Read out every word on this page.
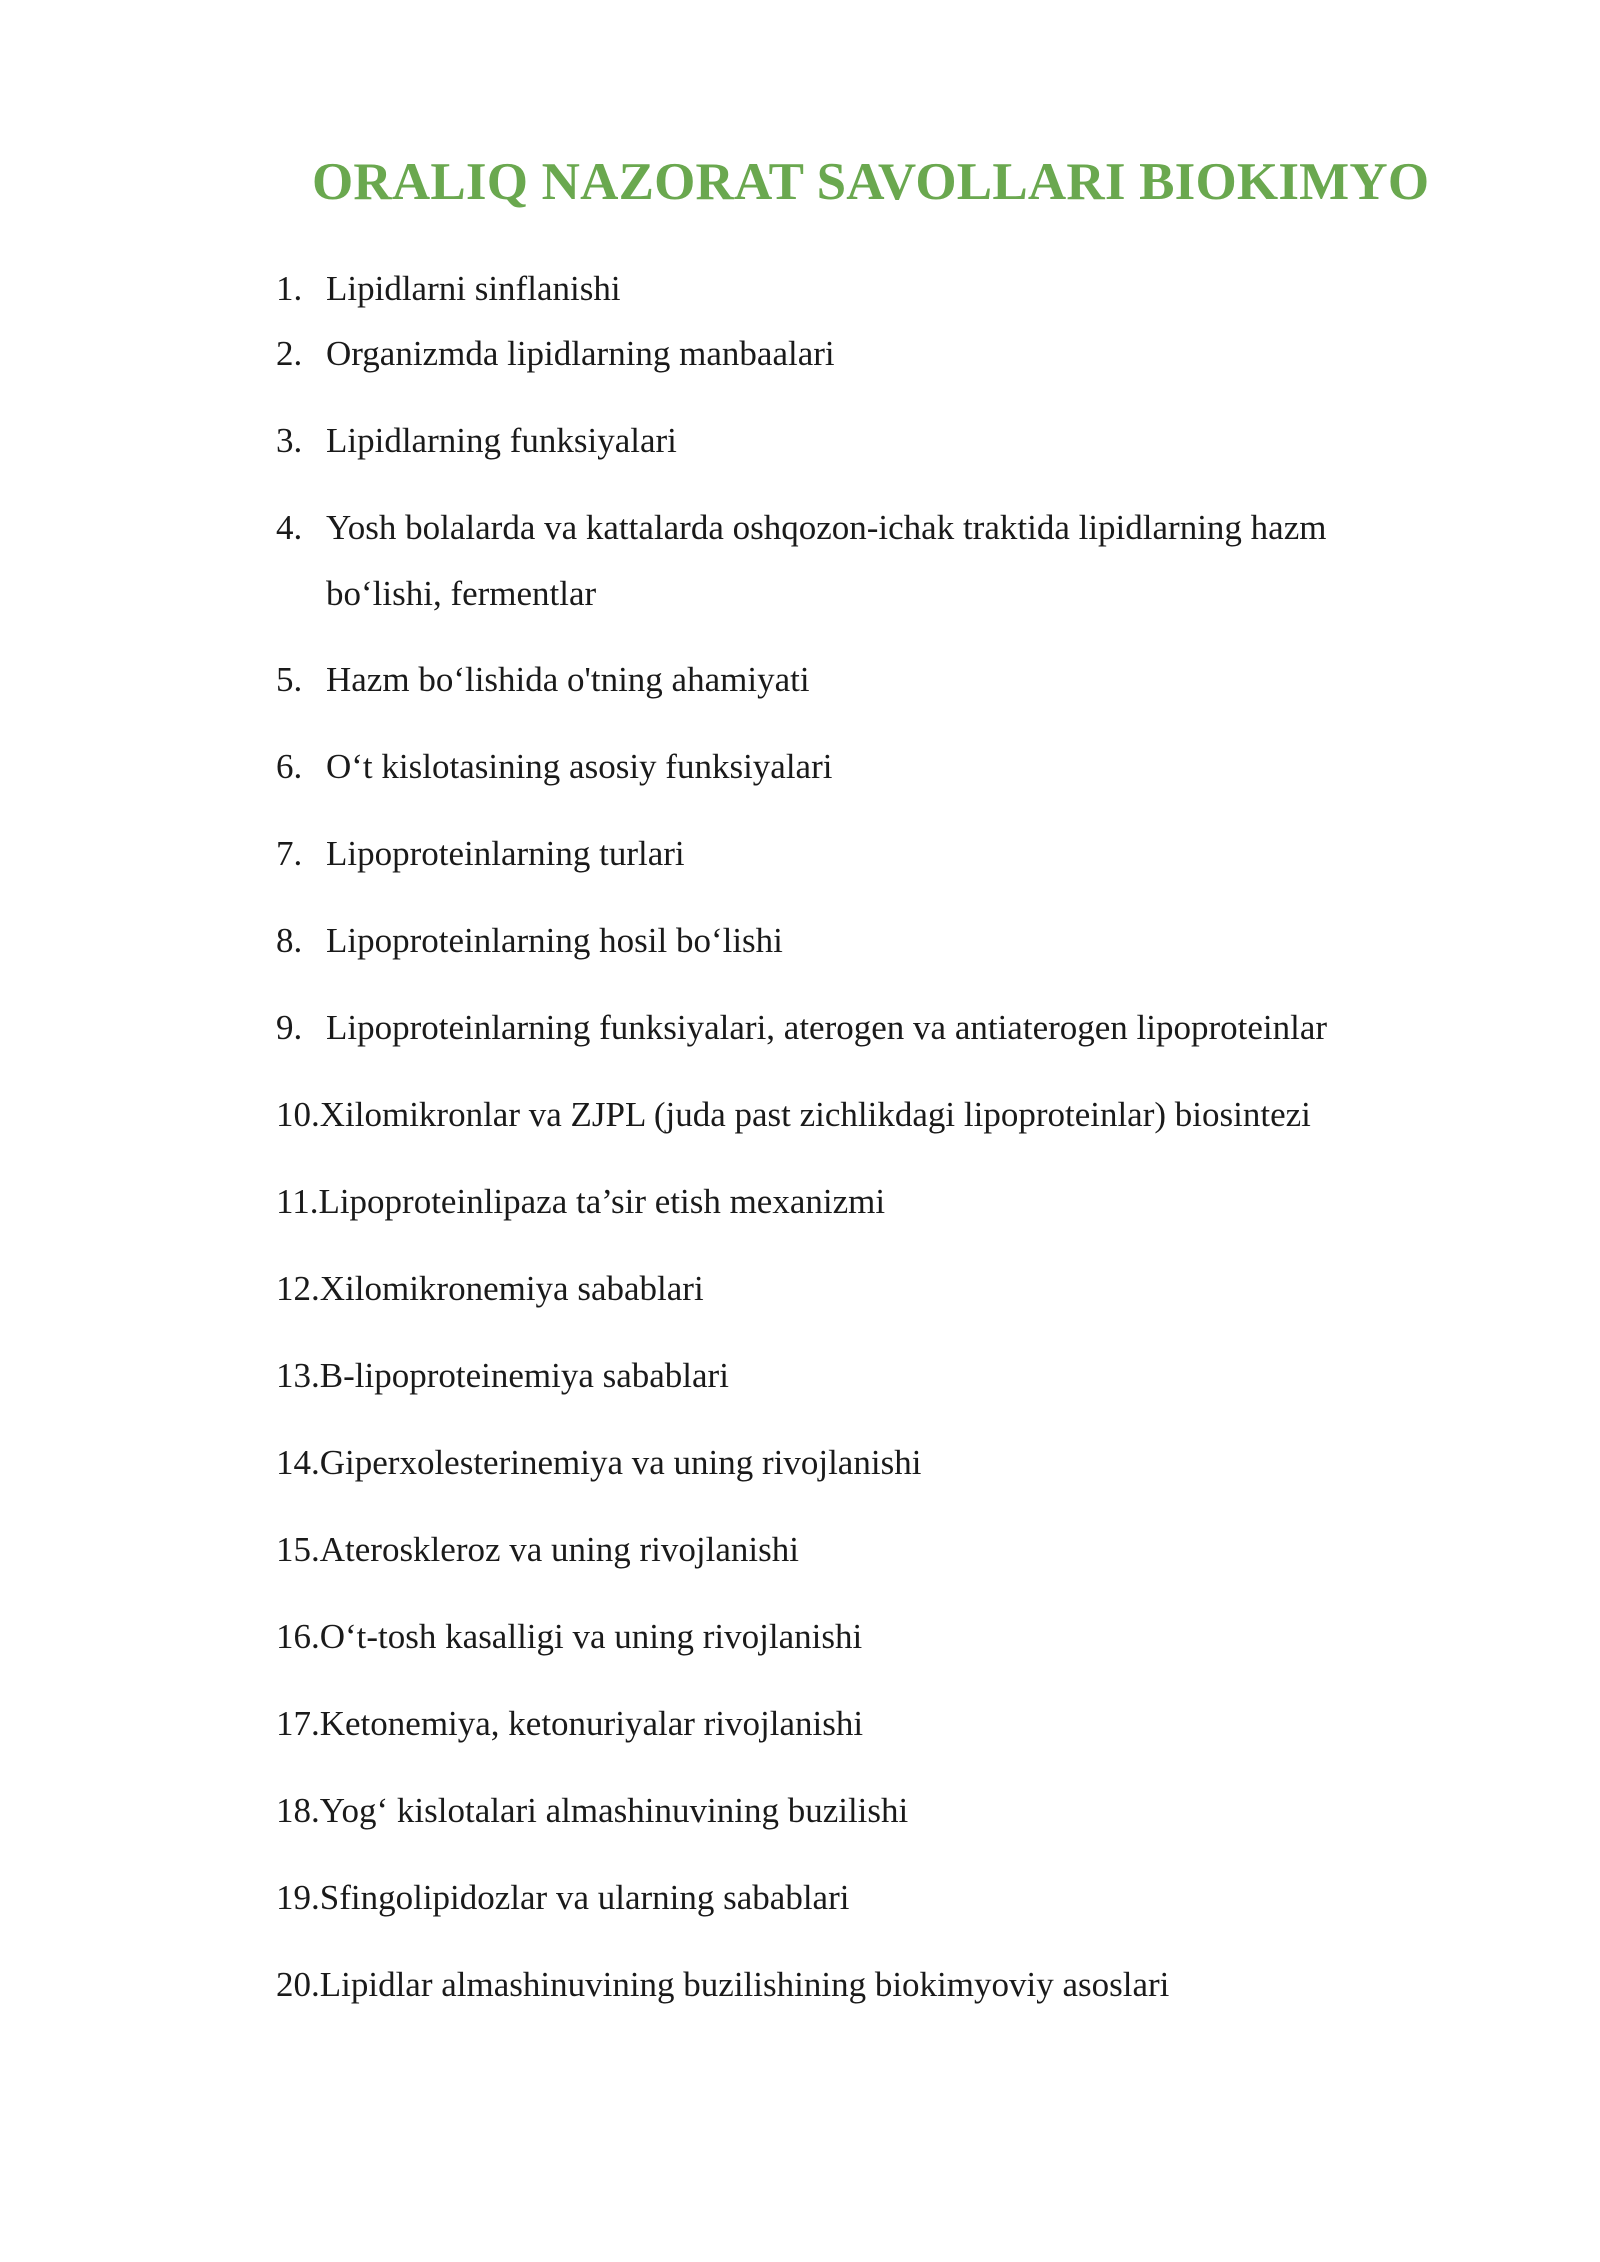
ORALIQ NAZORAT SAVOLLARI BIOKIMYO
1. Lipidlarni sinflanishi
2. Organizmda lipidlarning manbaalari
3. Lipidlarning funksiyalari
4. Yosh bolalarda va kattalarda oshqozon-ichak traktida lipidlarning hazm
bo‘lishi, fermentlar
5. Hazm bo‘lishida o'tning ahamiyati
6. O‘t kislotasining asosiy funksiyalari
7. Lipoproteinlarning turlari
8. Lipoproteinlarning hosil bo‘lishi
9. Lipoproteinlarning funksiyalari, aterogen va antiaterogen lipoproteinlar
10.Xilomikronlar va ZJPL (juda past zichlikdagi lipoproteinlar) biosintezi
11.Lipoproteinlipaza ta’sir etish mexanizmi
12.Xilomikronemiya sabablari
13.B-lipoproteinemiya sabablari
14.Giperxolesterinemiya va uning rivojlanishi
15.Ateroskleroz va uning rivojlanishi
16.O‘t-tosh kasalligi va uning rivojlanishi
17.Ketonemiya, ketonuriyalar rivojlanishi
18.Yog‘ kislotalari almashinuvining buzilishi
19.Sfingolipidozlar va ularning sabablari
20.Lipidlar almashinuvining buzilishining biokimyoviy asoslari
